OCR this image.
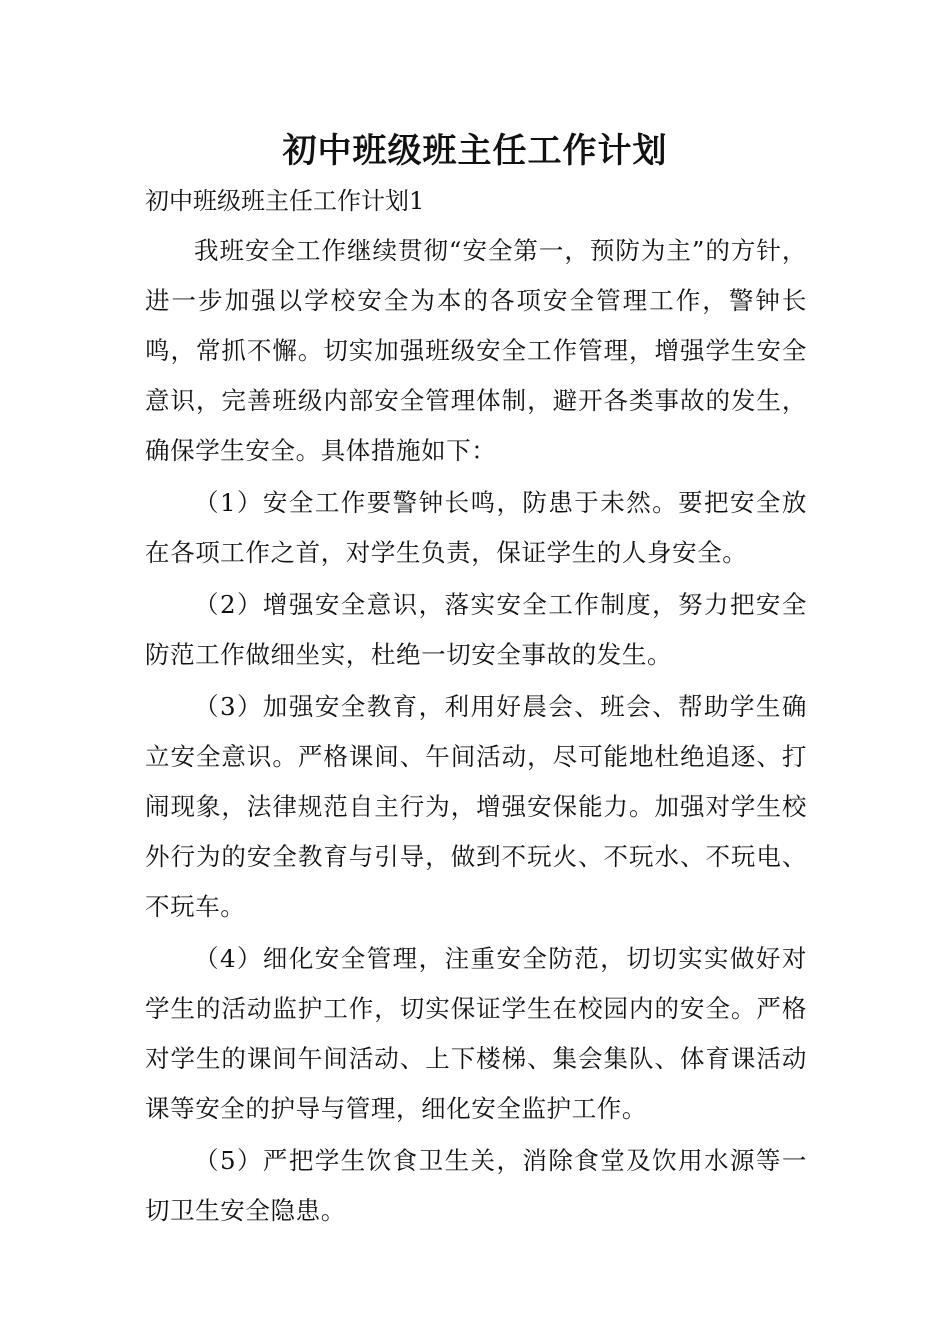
初中班级班主任工作计划

初中班级班主任工作计划1

我班安全工作继续贯彻“安全第一，预防为主”的方针，进一步加强以学校安全为本的各项安全管理工作，警钟长鸣，常抓不懈。切实加强班级安全工作管理，增强学生安全意识，完善班级内部安全管理体制，避开各类事故的发生，确保学生安全。具体措施如下：

（1）安全工作要警钟长鸣，防患于未然。要把安全放在各项工作之首，对学生负责，保证学生的人身安全。

（2）增强安全意识，落实安全工作制度，努力把安全防范工作做细坐实，杜绝一切安全事故的发生。

（3）加强安全教育，利用好晨会、班会、帮助学生确立安全意识。严格课间、午间活动，尽可能地杜绝追逐、打闹现象，法律规范自主行为，增强安保能力。加强对学生校外行为的安全教育与引导，做到不玩火、不玩水、不玩电、不玩车。

（4）细化安全管理，注重安全防范，切切实实做好对学生的活动监护工作，切实保证学生在校园内的安全。严格对学生的课间午间活动、上下楼梯、集会集队、体育课活动课等安全的护导与管理，细化安全监护工作。

（5）严把学生饮食卫生关，消除食堂及饮用水源等一切卫生安全隐患。
